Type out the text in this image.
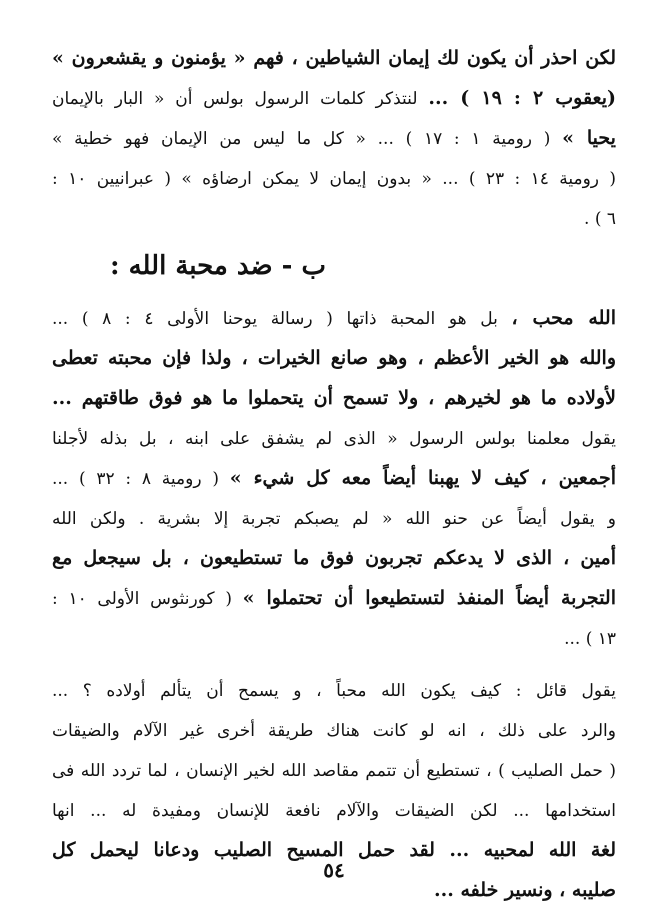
لكن احذر أن يكون لك إيمان الشياطين ، فهم « يؤمنون و يقشعرون »
(يعقوب ٢ : ١٩ ) ... لنتذكر كلمات الرسول بولس أن « البار بالإيمان
يحيا » ( رومية ١ : ١٧ ) ... « كل ما ليس من الإيمان فهو خطية »
( رومية ١٤ : ٢٣ ) ... « بدون إيمان لا يمكن ارضاؤه » ( عبرانيين ١٠ :
٦ ) .
ب - ضد محبة الله :
الله محب ، بل هو المحبة ذاتها ( رسالة يوحنا الأولى ٤ : ٨ ) ...
والله هو الخير الأعظم ، وهو صانع الخيرات ، ولذا فإن محبته تعطى
لأولاده ما هو لخيرهم ، ولا تسمح أن يتحملوا ما هو فوق طاقتهم ...
يقول معلمنا بولس الرسول « الذى لم يشفق على ابنه ، بل بذله لأجلنا
أجمعين ، كيف لا يهبنا أيضاً معه كل شيء » ( رومية ٨ : ٣٢ ) ...
و يقول أيضاً عن حنو الله « لم يصبكم تجربة إلا بشرية . ولكن الله
أمين ، الذى لا يدعكم تجربون فوق ما تستطيعون ، بل سيجعل مع
التجربة أيضاً المنفذ لتستطيعوا أن تحتملوا » ( كورنثوس الأولى ١٠ :
١٣ ) ...
يقول قائل : كيف يكون الله محباً ، و يسمح أن يتألم أولاده ؟ ...
والرد على ذلك ، انه لو كانت هناك طريقة أخرى غير الآلام والضيقات
( حمل الصليب ) ، تستطيع أن تتمم مقاصد الله لخير الإنسان ، لما تردد الله فى
استخدامها ... لكن الضيقات والآلام نافعة للإنسان ومفيدة له ... انها
لغة الله لمحبيه ... لقد حمل المسيح الصليب ودعانا ليحمل كل
صليبه ، ونسير خلفه ...
٥٤
